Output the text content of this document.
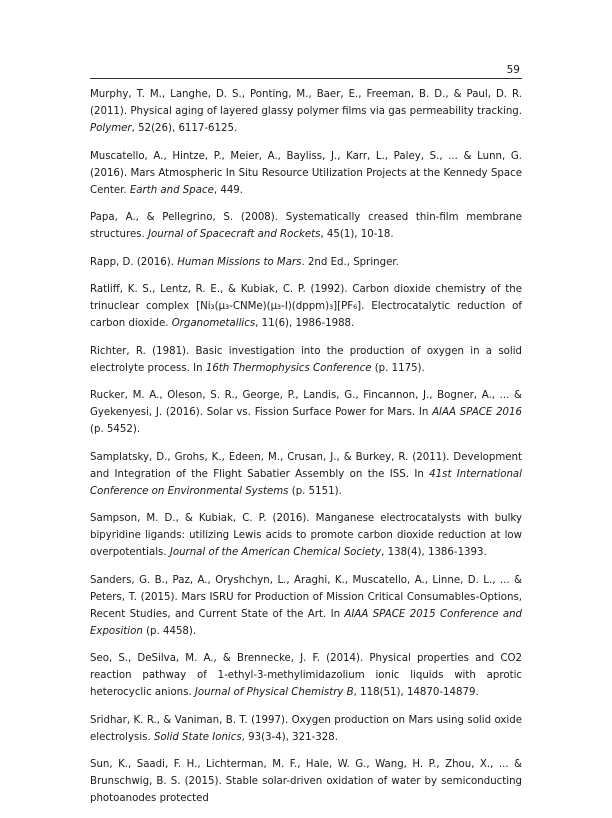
59

Murphy, T. M., Langhe, D. S., Ponting, M., Baer, E., Freeman, B. D., & Paul, D. R. (2011). Physical aging of layered glassy polymer films via gas permeability tracking. Polymer, 52(26), 6117-6125.

Muscatello, A., Hintze, P., Meier, A., Bayliss, J., Karr, L., Paley, S., ... & Lunn, G. (2016). Mars Atmospheric In Situ Resource Utilization Projects at the Kennedy Space Center. Earth and Space, 449.

Papa, A., & Pellegrino, S. (2008). Systematically creased thin-film membrane structures. Journal of Spacecraft and Rockets, 45(1), 10-18.

Rapp, D. (2016). Human Missions to Mars. 2nd Ed., Springer.

Ratliff, K. S., Lentz, R. E., & Kubiak, C. P. (1992). Carbon dioxide chemistry of the trinuclear complex [Ni₃(μ₃-CNMe)(μ₃-I)(dppm)₃][PF₆]. Electrocatalytic reduction of carbon dioxide. Organometallics, 11(6), 1986-1988.

Richter, R. (1981). Basic investigation into the production of oxygen in a solid electrolyte process. In 16th Thermophysics Conference (p. 1175).

Rucker, M. A., Oleson, S. R., George, P., Landis, G., Fincannon, J., Bogner, A., ... & Gyekenyesi, J. (2016). Solar vs. Fission Surface Power for Mars. In AIAA SPACE 2016 (p. 5452).

Samplatsky, D., Grohs, K., Edeen, M., Crusan, J., & Burkey, R. (2011). Development and Integration of the Flight Sabatier Assembly on the ISS. In 41st International Conference on Environmental Systems (p. 5151).

Sampson, M. D., & Kubiak, C. P. (2016). Manganese electrocatalysts with bulky bipyridine ligands: utilizing Lewis acids to promote carbon dioxide reduction at low overpotentials. Journal of the American Chemical Society, 138(4), 1386-1393.

Sanders, G. B., Paz, A., Oryshchyn, L., Araghi, K., Muscatello, A., Linne, D. L., ... & Peters, T. (2015). Mars ISRU for Production of Mission Critical Consumables-Options, Recent Studies, and Current State of the Art. In AIAA SPACE 2015 Conference and Exposition (p. 4458).

Seo, S., DeSilva, M. A., & Brennecke, J. F. (2014). Physical properties and CO2 reaction pathway of 1-ethyl-3-methylimidazolium ionic liquids with aprotic heterocyclic anions. Journal of Physical Chemistry B, 118(51), 14870-14879.

Sridhar, K. R., & Vaniman, B. T. (1997). Oxygen production on Mars using solid oxide electrolysis. Solid State Ionics, 93(3-4), 321-328.

Sun, K., Saadi, F. H., Lichterman, M. F., Hale, W. G., Wang, H. P., Zhou, X., ... & Brunschwig, B. S. (2015). Stable solar-driven oxidation of water by semiconducting photoanodes protected
